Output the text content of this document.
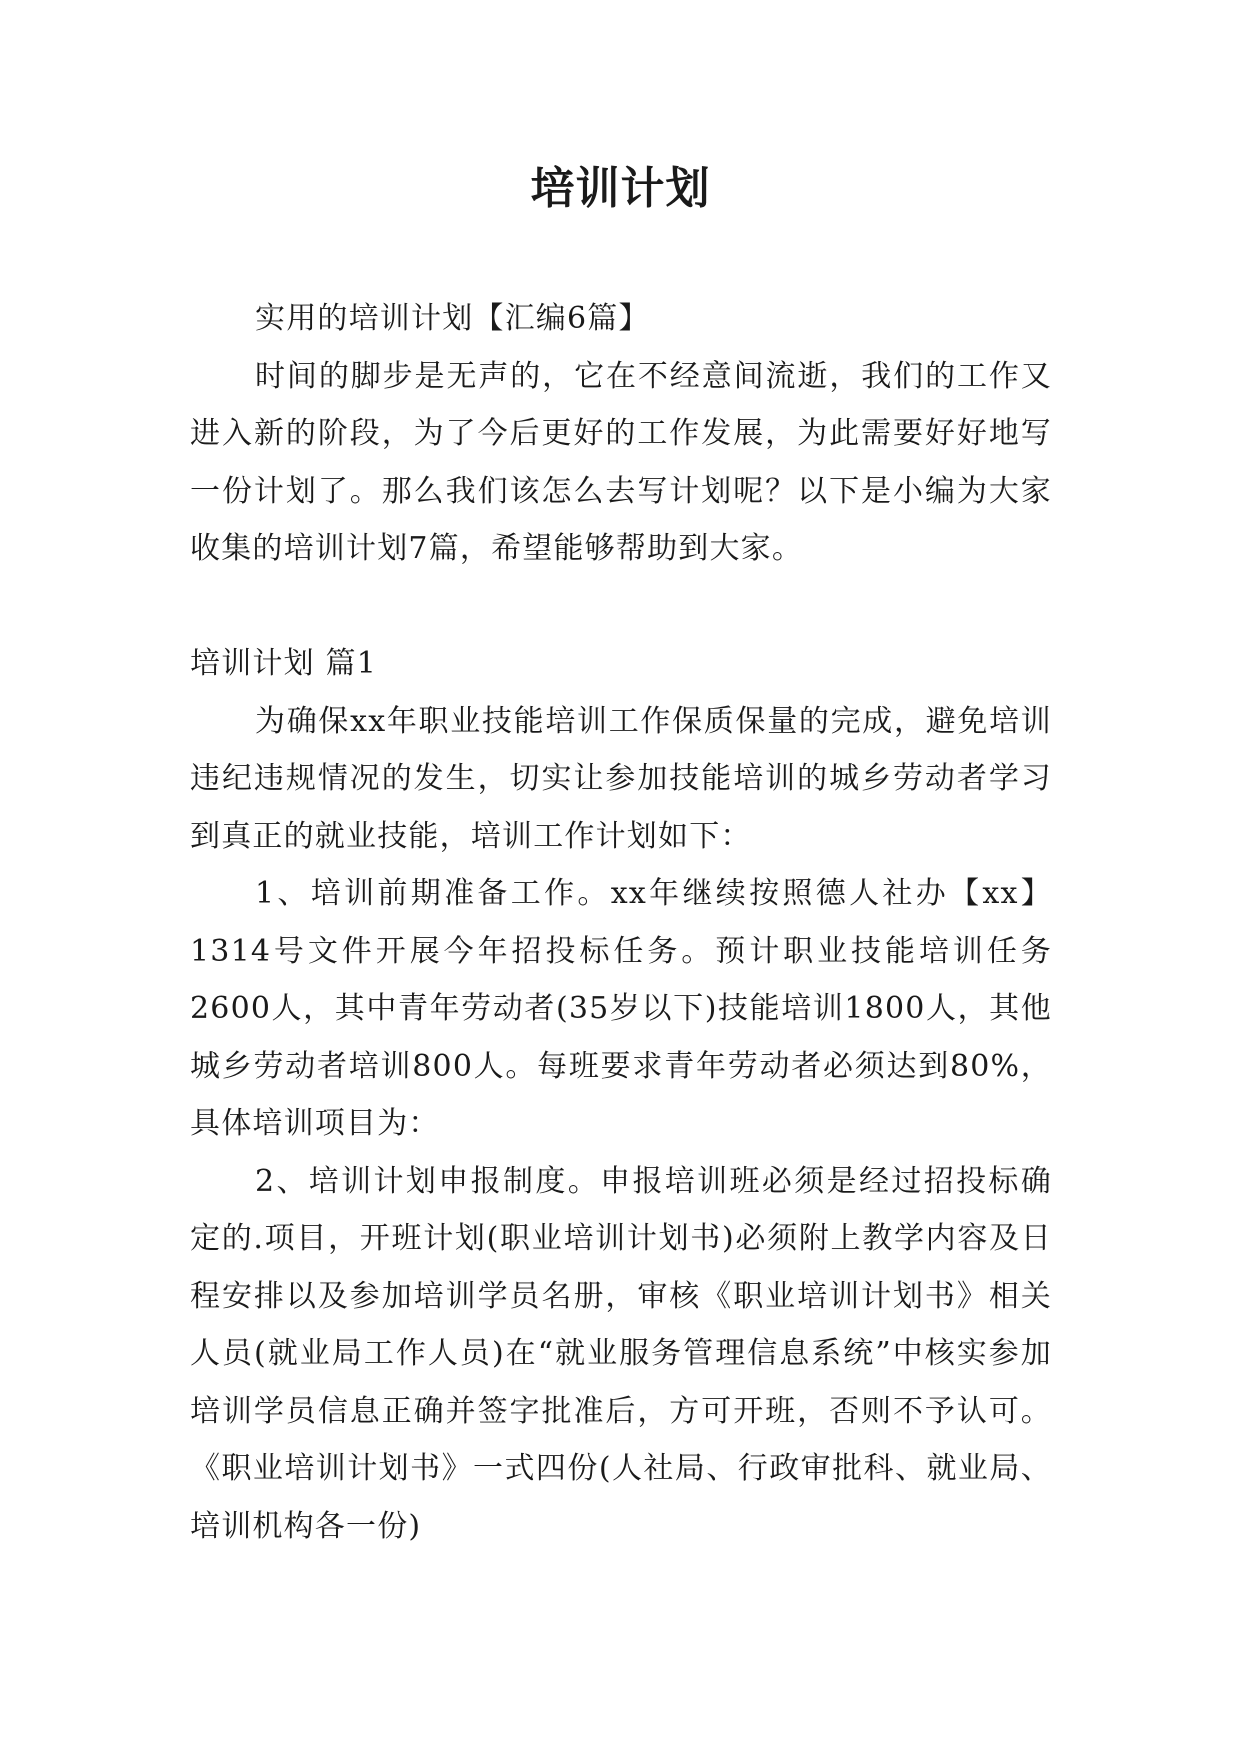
培训计划

实用的培训计划【汇编6篇】

时间的脚步是无声的，它在不经意间流逝，我们的工作又进入新的阶段，为了今后更好的工作发展，为此需要好好地写一份计划了。那么我们该怎么去写计划呢？以下是小编为大家收集的培训计划7篇，希望能够帮助到大家。

培训计划 篇1

为确保xx年职业技能培训工作保质保量的完成，避免培训违纪违规情况的发生，切实让参加技能培训的城乡劳动者学习到真正的就业技能，培训工作计划如下：

1、培训前期准备工作。xx年继续按照德人社办【xx】1314号文件开展今年招投标任务。预计职业技能培训任务2600人，其中青年劳动者(35岁以下)技能培训1800人，其他城乡劳动者培训800人。每班要求青年劳动者必须达到80%，具体培训项目为：

2、培训计划申报制度。申报培训班必须是经过招投标确定的.项目，开班计划(职业培训计划书)必须附上教学内容及日程安排以及参加培训学员名册，审核《职业培训计划书》相关人员(就业局工作人员)在“就业服务管理信息系统”中核实参加培训学员信息正确并签字批准后，方可开班，否则不予认可。《职业培训计划书》一式四份(人社局、行政审批科、就业局、培训机构各一份)
